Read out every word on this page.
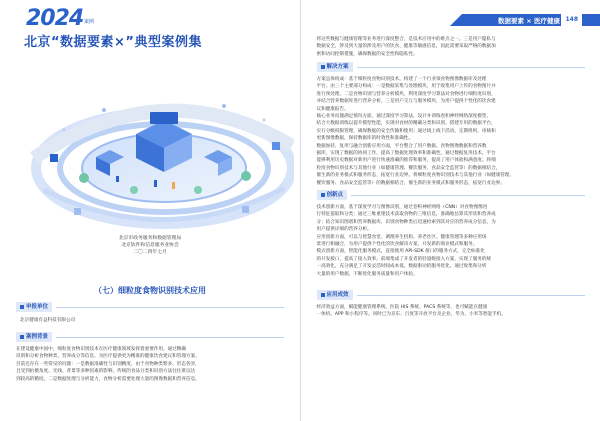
2024 案例
北京“数据要素×”典型案例集
北京市政务服务和数据管理局
北京软件和信息服务业协会
二〇二四年七月
（七）细粒度食物识别技术应用
申报单位
北京健康有益科技有限公司
案例背景
在建设健康中国中，细粒度食物识别技术在医疗健康领域发挥着重要作用，通过精确
识别和分析食物种类、营养成分等信息，为医疗提供更为精准的健康饮食建议和管理方案。
目前还存在一些常见的问题：一是数据准确性与识别精度，由于食物种类繁多、形态各异，
且受到拍摄角度、光线、背景等多种因素的影响，传统的食品分类和识别方法往往难以达
到较高的精度。二是数据处理与分析能力，食物分析需要处理大量的图像数据和营养信息。
数据要素 × 医疗健康 148
将这些数据与健康管理等业务进行深度整合，是技术应用中的难点之一。三是用户隐私与
数据安全，涉及到大量的涉及用户的饮食、健康等敏感信息，因此需要采取严格的数据加
密和访问控制措施，确保数据的安全性和隐私性。
解决方案
方案总体构成：基于细粒度食物识别技术，构建了一个行业领食物图像数据库及处理
平台。由三个主要部分构成：一是数据采集与处理模块，用于收集用户上传的食物图片并
进行预处理。二是食物识别与营养分析模块，利用深度学习算法对食物进行细粒度识别，
并结合营养数据库进行营养分析。三是用户交互与服务模块，为用户提供个性化的饮食建
议和健康报告。
核心业务问题满足情况方面，通过深度学习算法，设计并训练卷积神经网络深度模型，
结合大数据训练以提升模型性能，实现对食材的精确分类和识别。搭建专用的数据平台，
实行分级权限管理，确保数据的安全传输和使用；通过线上线下活动、定期组织，审核和
更新图像数据，保持数据库的时效性和准确性。
数据加持，复用与融合创新应用方面，平台整合了用户数据、食物图像数据和营养数
据库，实现了数据的协同工作，提高了数据处理效率和准确性，通过数据复用技术，平台
能够利用历史数据对新用户进行快速准确的推荐和服务，提高了用户体验和满意度。将细
粒度食物识别技术与其他行业（如健康管理、餐饮服务、食品安全监管等）的数据相结合，
催生新的业务模式和服务形态，拓宽行业边界。将细粒度食物识别技术与其他行业（如健康管理、
餐饮服务、食品安全监管等）的数据相结合，催生新的业务模式和服务形态，拓宽行业边界。
创新点
技术创新方面，基于深度学习与图像识别，通过卷积神经网络（CNN）对食物图像进
行特征提取和分类；通过三维重建技术获取食物的三维信息，准确地估算其形状和营养成
分；结合知识图谱和营养数据库，识别食物种类后迅速检索到其对应的营养成分信息，为
用户提供详细的营养分析。
应用创新方面，可以与智慧食堂、调理养生机构、养老社区、健康管理等多种应用场
景进行相融合，为用户提供个性化的饮食解决方案，开发新的商业模式和服务。
模式创新方面，智能化服务模式，直接使用 API-SDK 接口的服务方式，完全标准化
的开发接口，提高了接入效率。前端集成了开发者的轻量级接入方案，实现了服务的统
一高效化，充分满足了开发灵活时间成本低。数据驱动的服务优化，通过收集和分析
大量的用户数据，不断优化服务质量和用户体验。
应用成效
经济效益方面，赋能健康管理系统、医院 HIS 系统、PACS 系统等，也可赋能在健康
一体机、APP 和小程序等。同时已为京东、百度等开放平台及企业、华为、小米等智能手机。
